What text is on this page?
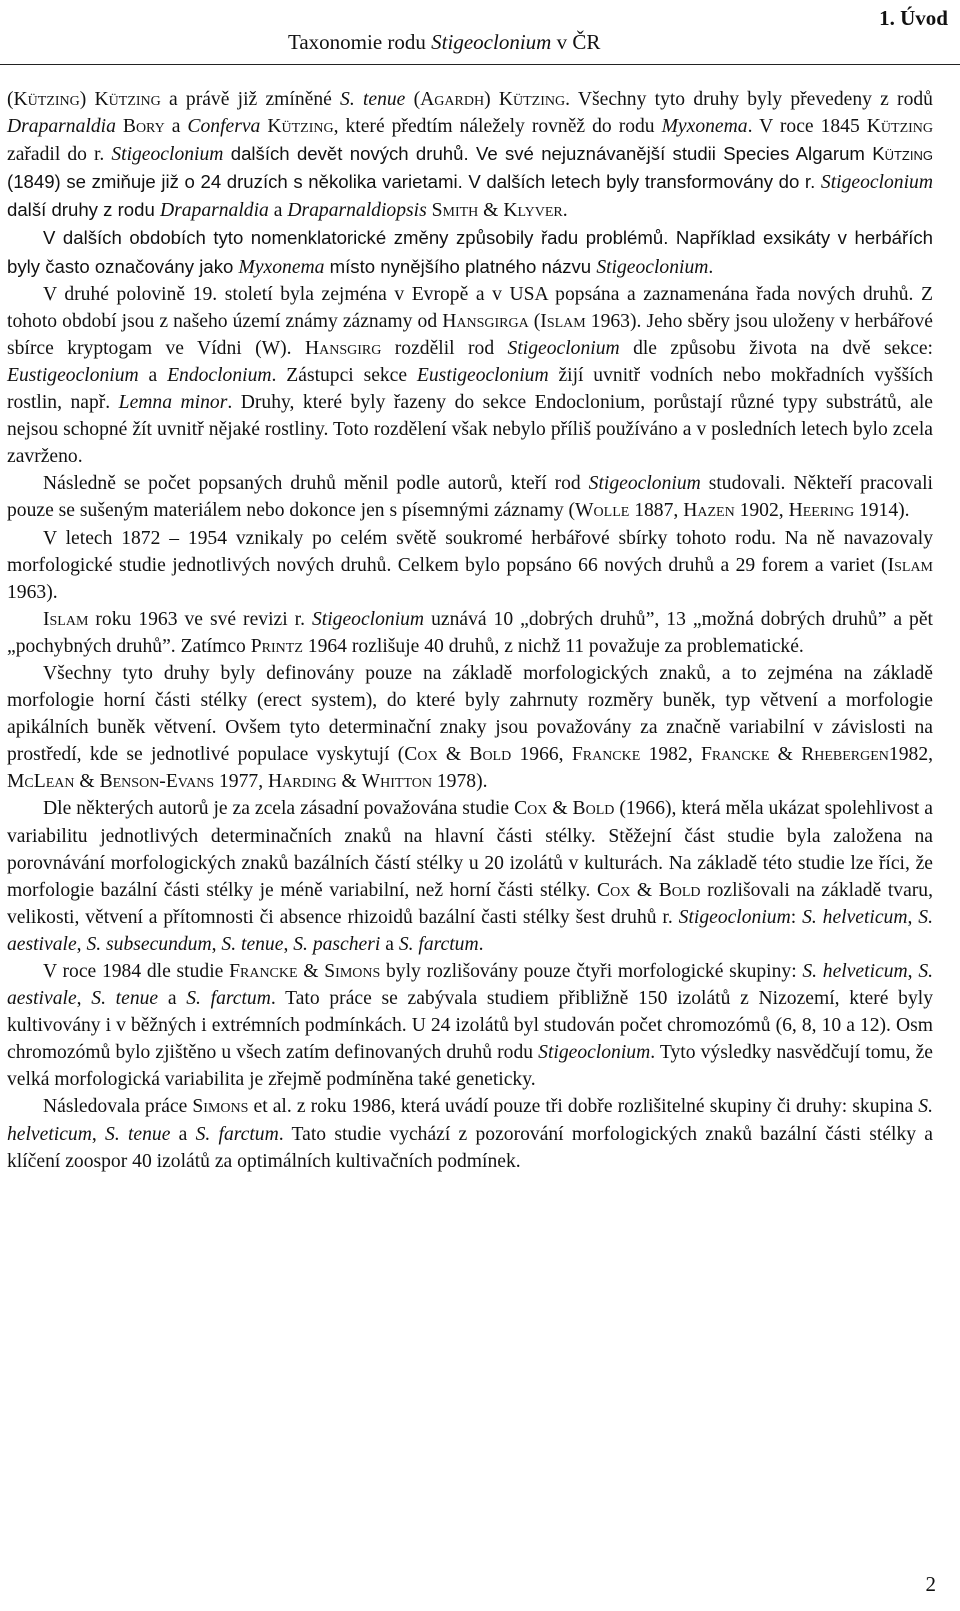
Taxonomie rodu Stigeoclonium v ČR
1. Úvod

(Kützing) Kützing a právě již zmíněné S. tenue (Agardh) Kützing. Všechny tyto druhy byly převedeny z rodů Draparnaldia Bory a Conferva Kützing, které předtím náležely rovněž do rodu Myxonema. V roce 1845 Kützing zařadil do r. Stigeoclonium dalších devět nových druhů. Ve své nejuznávanější studii Species Algarum Kützing (1849) se zmiňuje již o 24 druzích s několika varietami. V dalších letech byly transformovány do r. Stigeoclonium další druhy z rodu Draparnaldia a Draparnaldiopsis Smith & Klyver.

V dalších obdobích tyto nomenklatorické změny způsobily řadu problémů. Například exsikáty v herbářích byly často označovány jako Myxonema místo nynějšího platného názvu Stigeoclonium.

V druhé polovině 19. století byla zejména v Evropě a v USA popsána a zaznamenána řada nových druhů. Z tohoto období jsou z našeho území známy záznamy od Hansgirga (Islam 1963). Jeho sběry jsou uloženy v herbářové sbírce kryptogam ve Vídni (W). Hansgirg rozdělil rod Stigeoclonium dle způsobu života na dvě sekce: Eustigeoclonium a Endoclonium. Zástupci sekce Eustigeoclonium žijí uvnitř vodních nebo mokřadních vyšších rostlin, např. Lemna minor. Druhy, které byly řazeny do sekce Endoclonium, porůstají různé typy substrátů, ale nejsou schopné žít uvnitř nějaké rostliny. Toto rozdělení však nebylo příliš používáno a v posledních letech bylo zcela zavrženo.

Následně se počet popsaných druhů měnil podle autorů, kteří rod Stigeoclonium studovali. Někteří pracovali pouze se sušeným materiálem nebo dokonce jen s písemnými záznamy (Wolle 1887, Hazen 1902, Heering 1914).

V letech 1872 – 1954 vznikaly po celém světě soukromé herbářové sbírky tohoto rodu. Na ně navazovaly morfologické studie jednotlivých nových druhů. Celkem bylo popsáno 66 nových druhů a 29 forem a variet (Islam 1963).

Islam roku 1963 ve své revizi r. Stigeoclonium uznává 10 „dobrých druhů”, 13 „možná dobrých druhů” a pět „pochybných druhů”. Zatímco Printz 1964 rozlišuje 40 druhů, z nichž 11 považuje za problematické.

Všechny tyto druhy byly definovány pouze na základě morfologických znaků, a to zejména na základě morfologie horní části stélky (erect system), do které byly zahrnuty rozměry buněk, typ větvení a morfologie apikálních buněk větvení. Ovšem tyto determinační znaky jsou považovány za značně variabilní v závislosti na prostředí, kde se jednotlivé populace vyskytují (Cox & Bold 1966, Francke 1982, Francke & Rhebergen1982, McLean & Benson-Evans 1977, Harding & Whitton 1978).

Dle některých autorů je za zcela zásadní považována studie Cox & Bold (1966), která měla ukázat spolehlivost a variabilitu jednotlivých determinačních znaků na hlavní části stélky. Stěžejní část studie byla založena na porovnávání morfologických znaků bazálních částí stélky u 20 izolátů v kulturách. Na základě této studie lze říci, že morfologie bazální části stélky je méně variabilní, než horní části stélky. Cox & Bold rozlišovali na základě tvaru, velikosti, větvení a přítomnosti či absence rhizoidů bazální časti stélky šest druhů r. Stigeoclonium: S. helveticum, S. aestivale, S. subsecundum, S. tenue, S. pascheri a S. farctum.

V roce 1984 dle studie Francke & Simons byly rozlišovány pouze čtyři morfologické skupiny: S. helveticum, S. aestivale, S. tenue a S. farctum. Tato práce se zabývala studiem přibližně 150 izolátů z Nizozemí, které byly kultivovány i v běžných i extrémních podmínkách. U 24 izolátů byl studován počet chromozómů (6, 8, 10 a 12). Osm chromozómů bylo zjištěno u všech zatím definovaných druhů rodu Stigeoclonium. Tyto výsledky nasvědčují tomu, že velká morfologická variabilita je zřejmě podmíněna také geneticky.

Následovala práce Simons et al. z roku 1986, která uvádí pouze tři dobře rozlišitelné skupiny či druhy: skupina S. helveticum, S. tenue a S. farctum. Tato studie vychází z pozorování morfologických znaků bazální části stélky a klíčení zoospor 40 izolátů za optimálních kultivačních podmínek.

2
